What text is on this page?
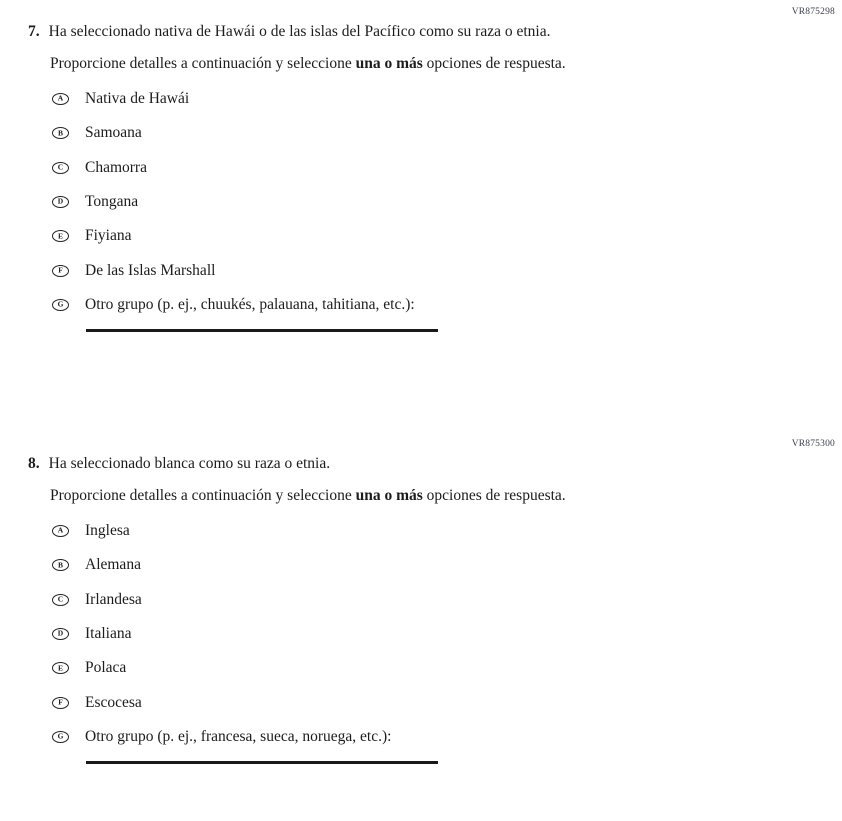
VR875298
7. Ha seleccionado nativa de Hawái o de las islas del Pacífico como su raza o etnia.
Proporcione detalles a continuación y seleccione una o más opciones de respuesta.
A Nativa de Hawái
B Samoana
C Chamorra
D Tongana
E Fiyiana
F De las Islas Marshall
G Otro grupo (p. ej., chuukés, palauana, tahitiana, etc.):
VR875300
8. Ha seleccionado blanca como su raza o etnia.
Proporcione detalles a continuación y seleccione una o más opciones de respuesta.
A Inglesa
B Alemana
C Irlandesa
D Italiana
E Polaca
F Escocesa
G Otro grupo (p. ej., francesa, sueca, noruega, etc.):
